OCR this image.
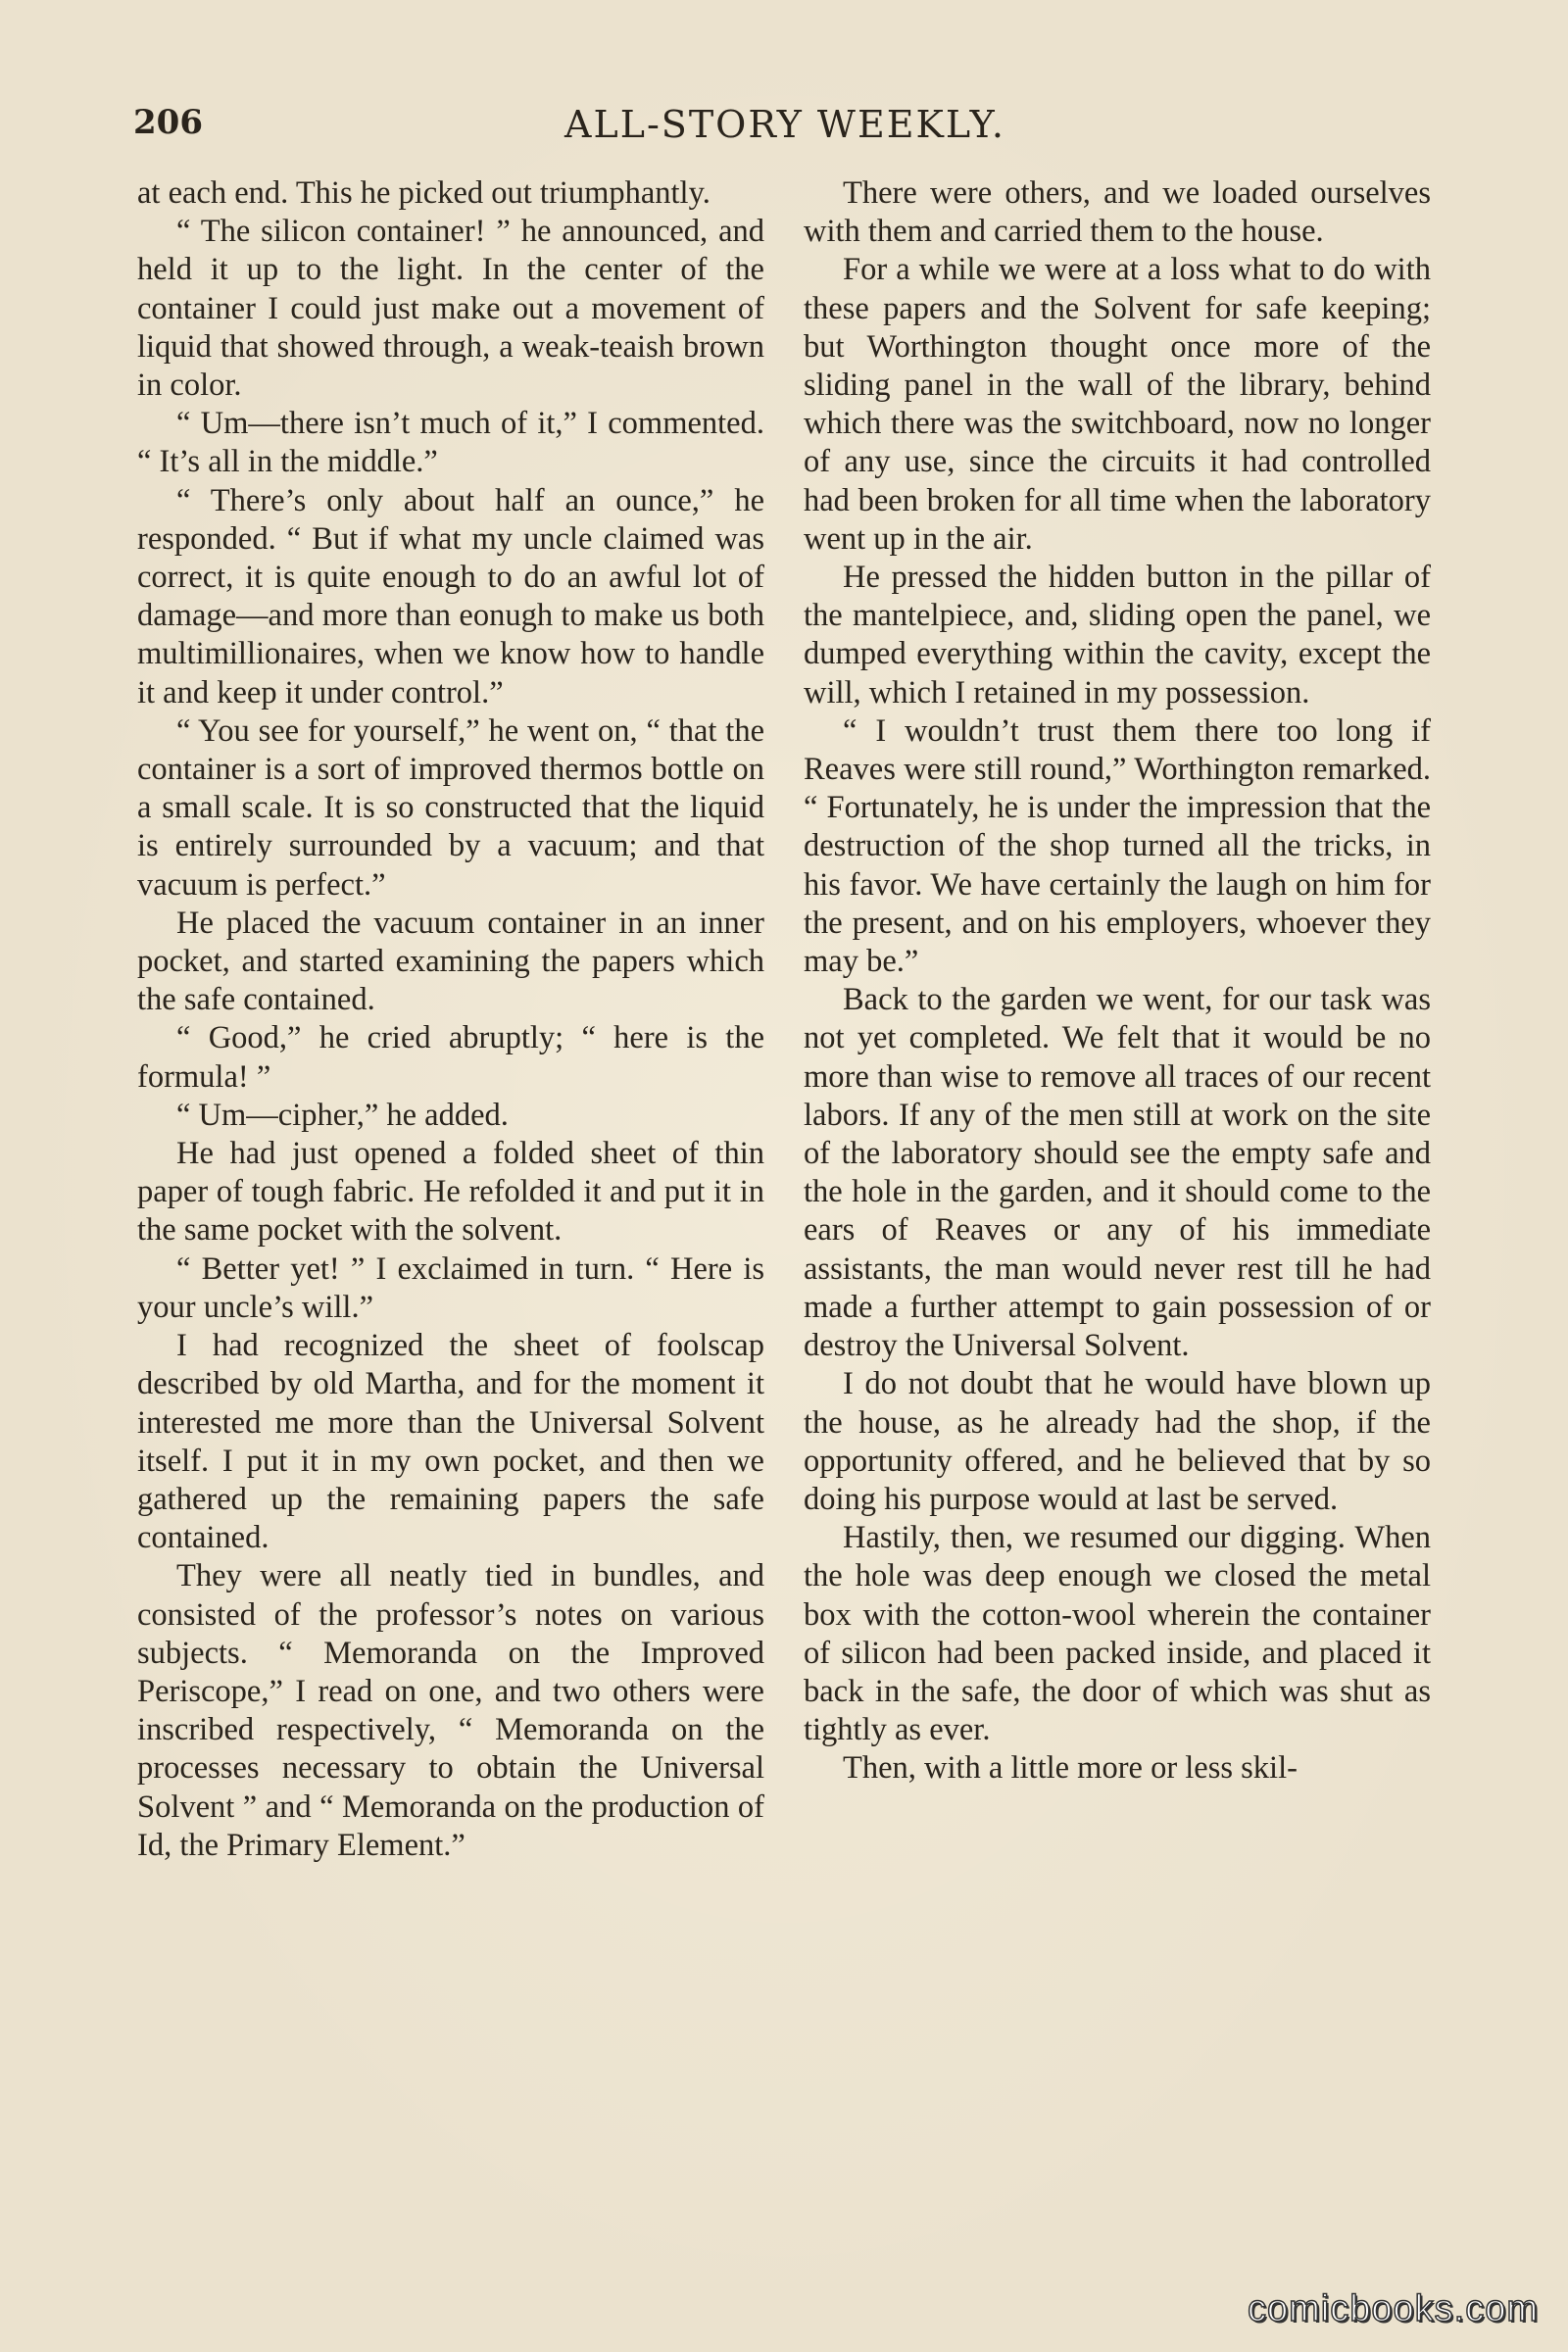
206	ALL-STORY WEEKLY.

at each end. This he picked out triumphantly.

“ The silicon container! ” he announced, and held it up to the light. In the center of the container I could just make out a movement of liquid that showed through, a weak-teaish brown in color.

“ Um—there isn’t much of it,” I commented. “ It’s all in the middle.”

“ There’s only about half an ounce,” he responded. “ But if what my uncle claimed was correct, it is quite enough to do an awful lot of damage—and more than eonugh to make us both multimillionaires, when we know how to handle it and keep it under control.”

“ You see for yourself,” he went on, “ that the container is a sort of improved thermos bottle on a small scale. It is so constructed that the liquid is entirely surrounded by a vacuum; and that vacuum is perfect.”

He placed the vacuum container in an inner pocket, and started examining the papers which the safe contained.

“ Good,” he cried abruptly; “ here is the formula! ”

“ Um—cipher,” he added.

He had just opened a folded sheet of thin paper of tough fabric. He refolded it and put it in the same pocket with the solvent.

“ Better yet! ” I exclaimed in turn. “ Here is your uncle’s will.”

I had recognized the sheet of foolscap described by old Martha, and for the moment it interested me more than the Universal Solvent itself. I put it in my own pocket, and then we gathered up the remaining papers the safe contained.

They were all neatly tied in bundles, and consisted of the professor’s notes on various subjects. “ Memoranda on the Improved Periscope,” I read on one, and two others were inscribed respectively, “ Memoranda on the processes necessary to obtain the Universal Solvent ” and “ Memoranda on the production of Id, the Primary Element.”

There were others, and we loaded ourselves with them and carried them to the house.

For a while we were at a loss what to do with these papers and the Solvent for safe keeping; but Worthington thought once more of the sliding panel in the wall of the library, behind which there was the switchboard, now no longer of any use, since the circuits it had controlled had been broken for all time when the laboratory went up in the air.

He pressed the hidden button in the pillar of the mantelpiece, and, sliding open the panel, we dumped everything within the cavity, except the will, which I retained in my possession.

“ I wouldn’t trust them there too long if Reaves were still round,” Worthington remarked. “ Fortunately, he is under the impression that the destruction of the shop turned all the tricks, in his favor. We have certainly the laugh on him for the present, and on his employers, whoever they may be.”

Back to the garden we went, for our task was not yet completed. We felt that it would be no more than wise to remove all traces of our recent labors. If any of the men still at work on the site of the laboratory should see the empty safe and the hole in the garden, and it should come to the ears of Reaves or any of his immediate assistants, the man would never rest till he had made a further attempt to gain possession of or destroy the Universal Solvent.

I do not doubt that he would have blown up the house, as he already had the shop, if the opportunity offered, and he believed that by so doing his purpose would at last be served.

Hastily, then, we resumed our digging. When the hole was deep enough we closed the metal box with the cotton-wool wherein the container of silicon had been packed inside, and placed it back in the safe, the door of which was shut as tightly as ever.

Then, with a little more or less skil-

comicbooks.com
